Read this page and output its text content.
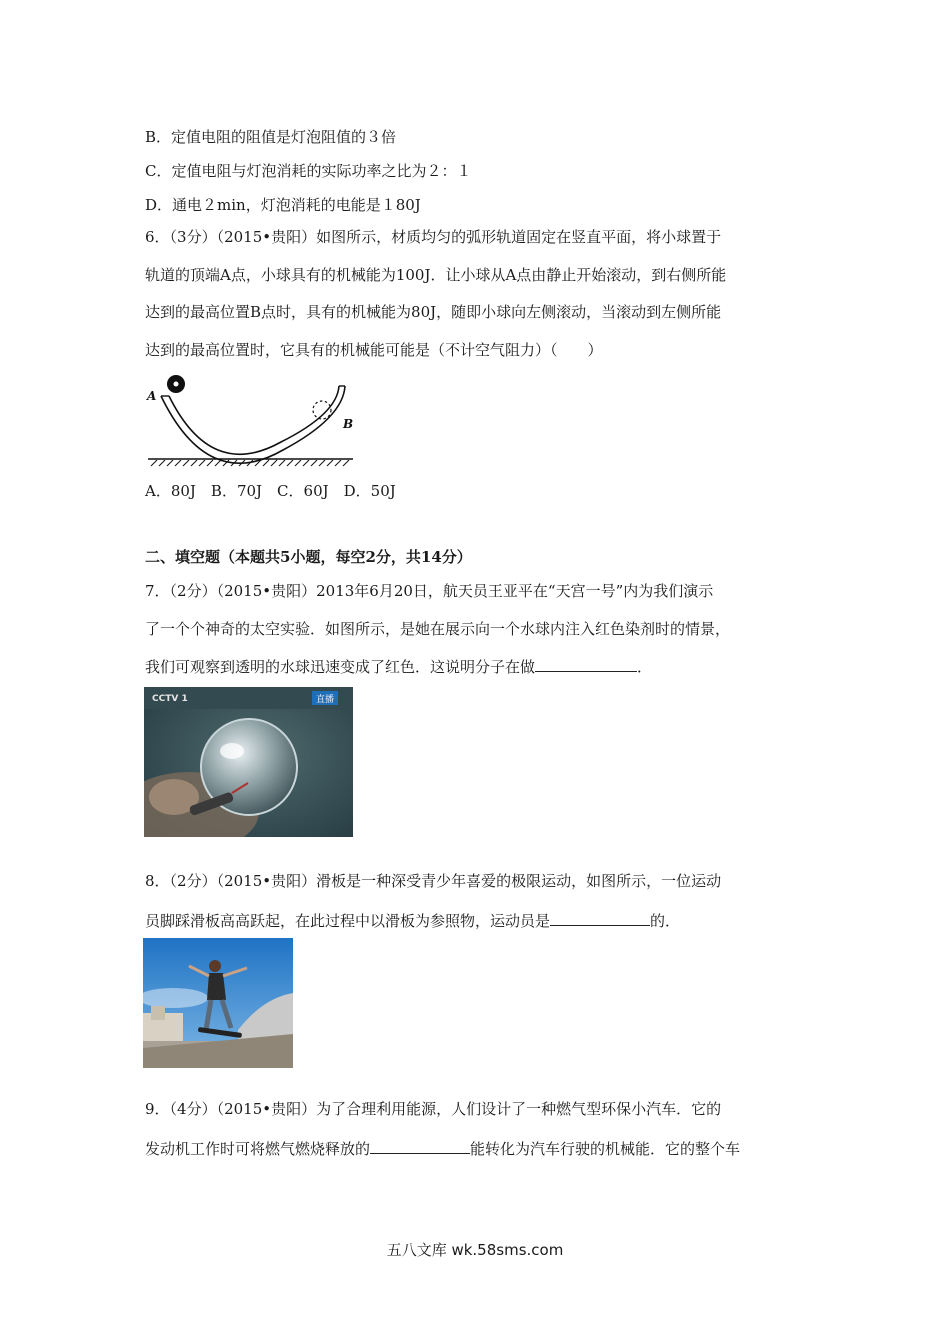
B．定值电阻的阻值是灯泡阻值的３倍
C．定值电阻与灯泡消耗的实际功率之比为２：１
D．通电２min，灯泡消耗的电能是１80J
6．（3分）（2015•贵阳）如图所示，材质均匀的弧形轨道固定在竖直平面，将小球置于
轨道的顶端A点，小球具有的机械能为100J．让小球从A点由静止开始滚动，到右侧所能
达到的最高位置B点时，具有的机械能为80J，随即小球向左侧滚动，当滚动到左侧所能
达到的最高位置时，它具有的机械能可能是（不计空气阻力）（　　）
A
B
A．80J　B．70J　C．60J　D．50J
二、填空题（本题共5小题，每空2分，共14分）
7．（2分）（2015•贵阳）2013年6月20日，航天员王亚平在“天宫一号”内为我们演示
了一个个神奇的太空实验．如图所示，是她在展示向一个水球内注入红色染剂时的情景，
我们可观察到透明的水球迅速变成了红色．这说明分子在做	．
CCTV 1	直播
8．（2分）（2015•贵阳）滑板是一种深受青少年喜爱的极限运动，如图所示，一位运动
员脚踩滑板高高跃起，在此过程中以滑板为参照物，运动员是	的．
9．（4分）（2015•贵阳）为了合理利用能源，人们设计了一种燃气型环保小汽车．它的
发动机工作时可将燃气燃烧释放的	能转化为汽车行驶的机械能．它的整个车
五八文库 wk.58sms.com
